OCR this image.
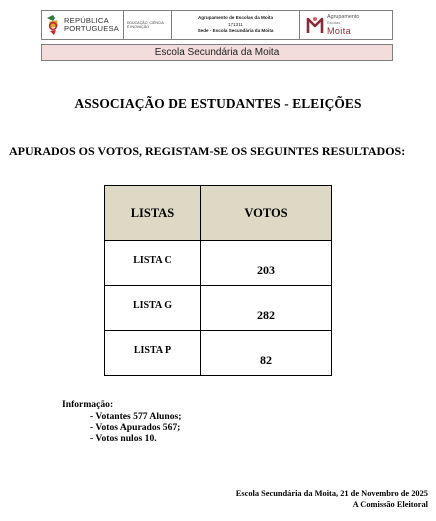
REPÚBLICA
PORTUGUESA
EDUCAÇÃO, CIÊNCIA
E INOVAÇÃO
Agrupamento de Escolas da Moita
171311
Sede - Escola Secundária da Moita
Agrupamento
Escolas
Moita
Escola Secundária da Moita
ASSOCIAÇÃO DE ESTUDANTES - ELEIÇÕES
APURADOS OS VOTOS, REGISTAM-SE OS SEGUINTES RESULTADOS:
LISTAS	VOTOS
LISTA C	203
LISTA G	282
LISTA P	82
Informação:
- Votantes 577 Alunos;
- Votos Apurados 567;
- Votos nulos 10.
Escola Secundária da Moita, 21 de Novembro de 2025
A Comissão Eleitoral
